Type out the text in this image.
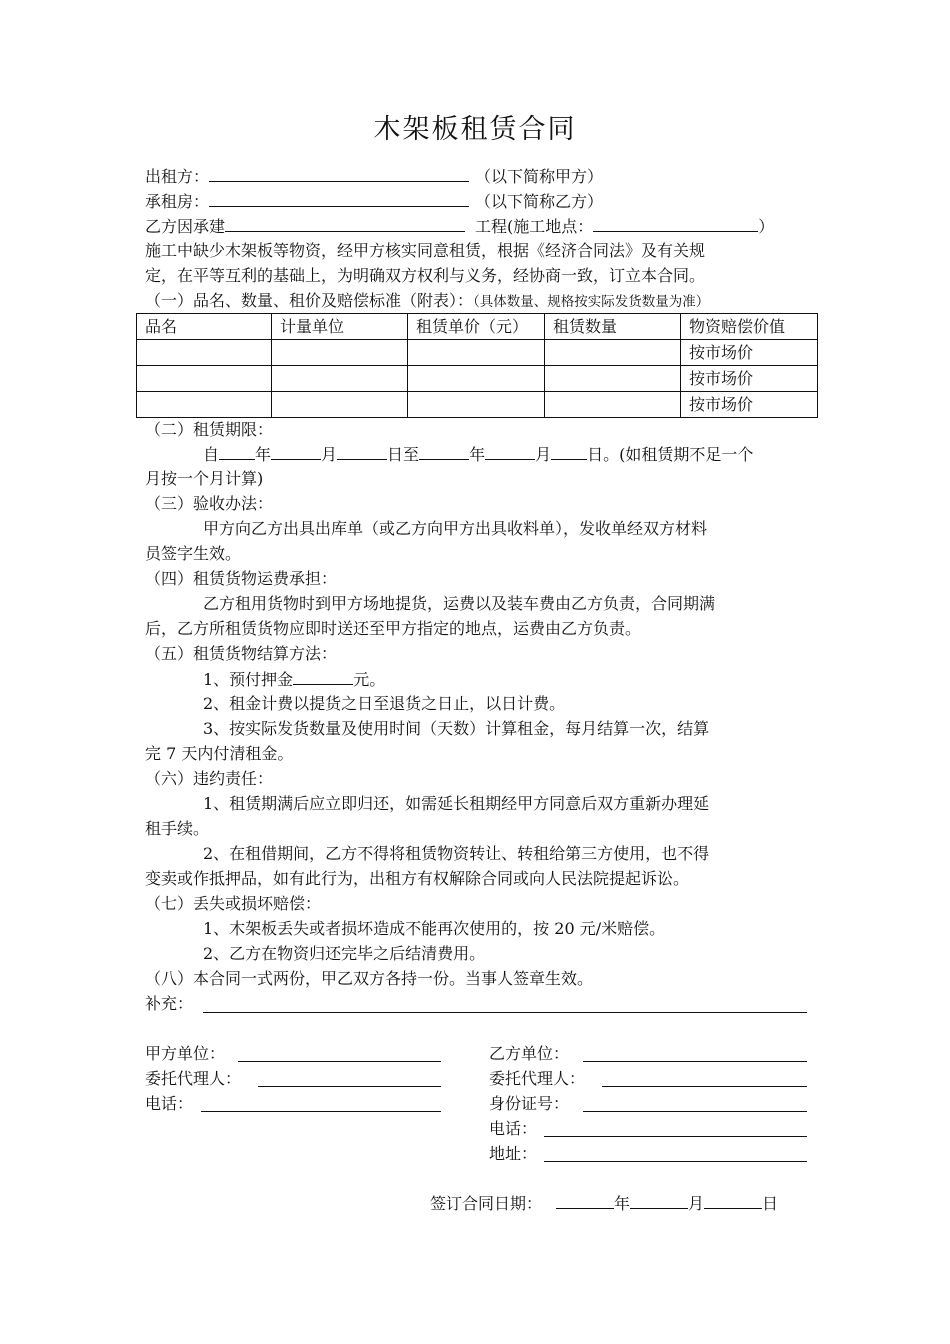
木架板租赁合同
出租方：	（以下简称甲方）
承租房：	（以下简称乙方）
乙方因承建	工程(施工地点：	）
施工中缺少木架板等物资，经甲方核实同意租赁，根据《经济合同法》及有关规
定，在平等互利的基础上，为明确双方权利与义务，经协商一致，订立本合同。
（一）品名、数量、租价及赔偿标准（附表）：（具体数量、规格按实际发货数量为准）
品名	计量单位	租赁单价（元）	租赁数量	物资赔偿价值
				按市场价
				按市场价
				按市场价
（二）租赁期限：
自 年	月	日至	年	月 日。(如租赁期不足一个
月按一个月计算)
（三）验收办法：
甲方向乙方出具出库单（或乙方向甲方出具收料单），发收单经双方材料
员签字生效。
（四）租赁货物运费承担：
乙方租用货物时到甲方场地提货，运费以及装车费由乙方负责，合同期满
后，乙方所租赁货物应即时送还至甲方指定的地点，运费由乙方负责。
（五）租赁货物结算方法：
1、预付押金	元。
2、租金计费以提货之日至退货之日止，以日计费。
3、按实际发货数量及使用时间（天数）计算租金，每月结算一次，结算
完 7 天内付清租金。
（六）违约责任：
1、租赁期满后应立即归还，如需延长租期经甲方同意后双方重新办理延
租手续。
2、在租借期间，乙方不得将租赁物资转让、转租给第三方使用，也不得
变卖或作抵押品，如有此行为，出租方有权解除合同或向人民法院提起诉讼。
（七）丢失或损坏赔偿：
1、木架板丢失或者损坏造成不能再次使用的，按 20 元/米赔偿。
2、乙方在物资归还完毕之后结清费用。
（八）本合同一式两份，甲乙双方各持一份。当事人签章生效。
补充：
甲方单位：
委托代理人：
电话：
乙方单位：
委托代理人：
身份证号：
电话：
地址：
签订合同日期：	年	月	日
